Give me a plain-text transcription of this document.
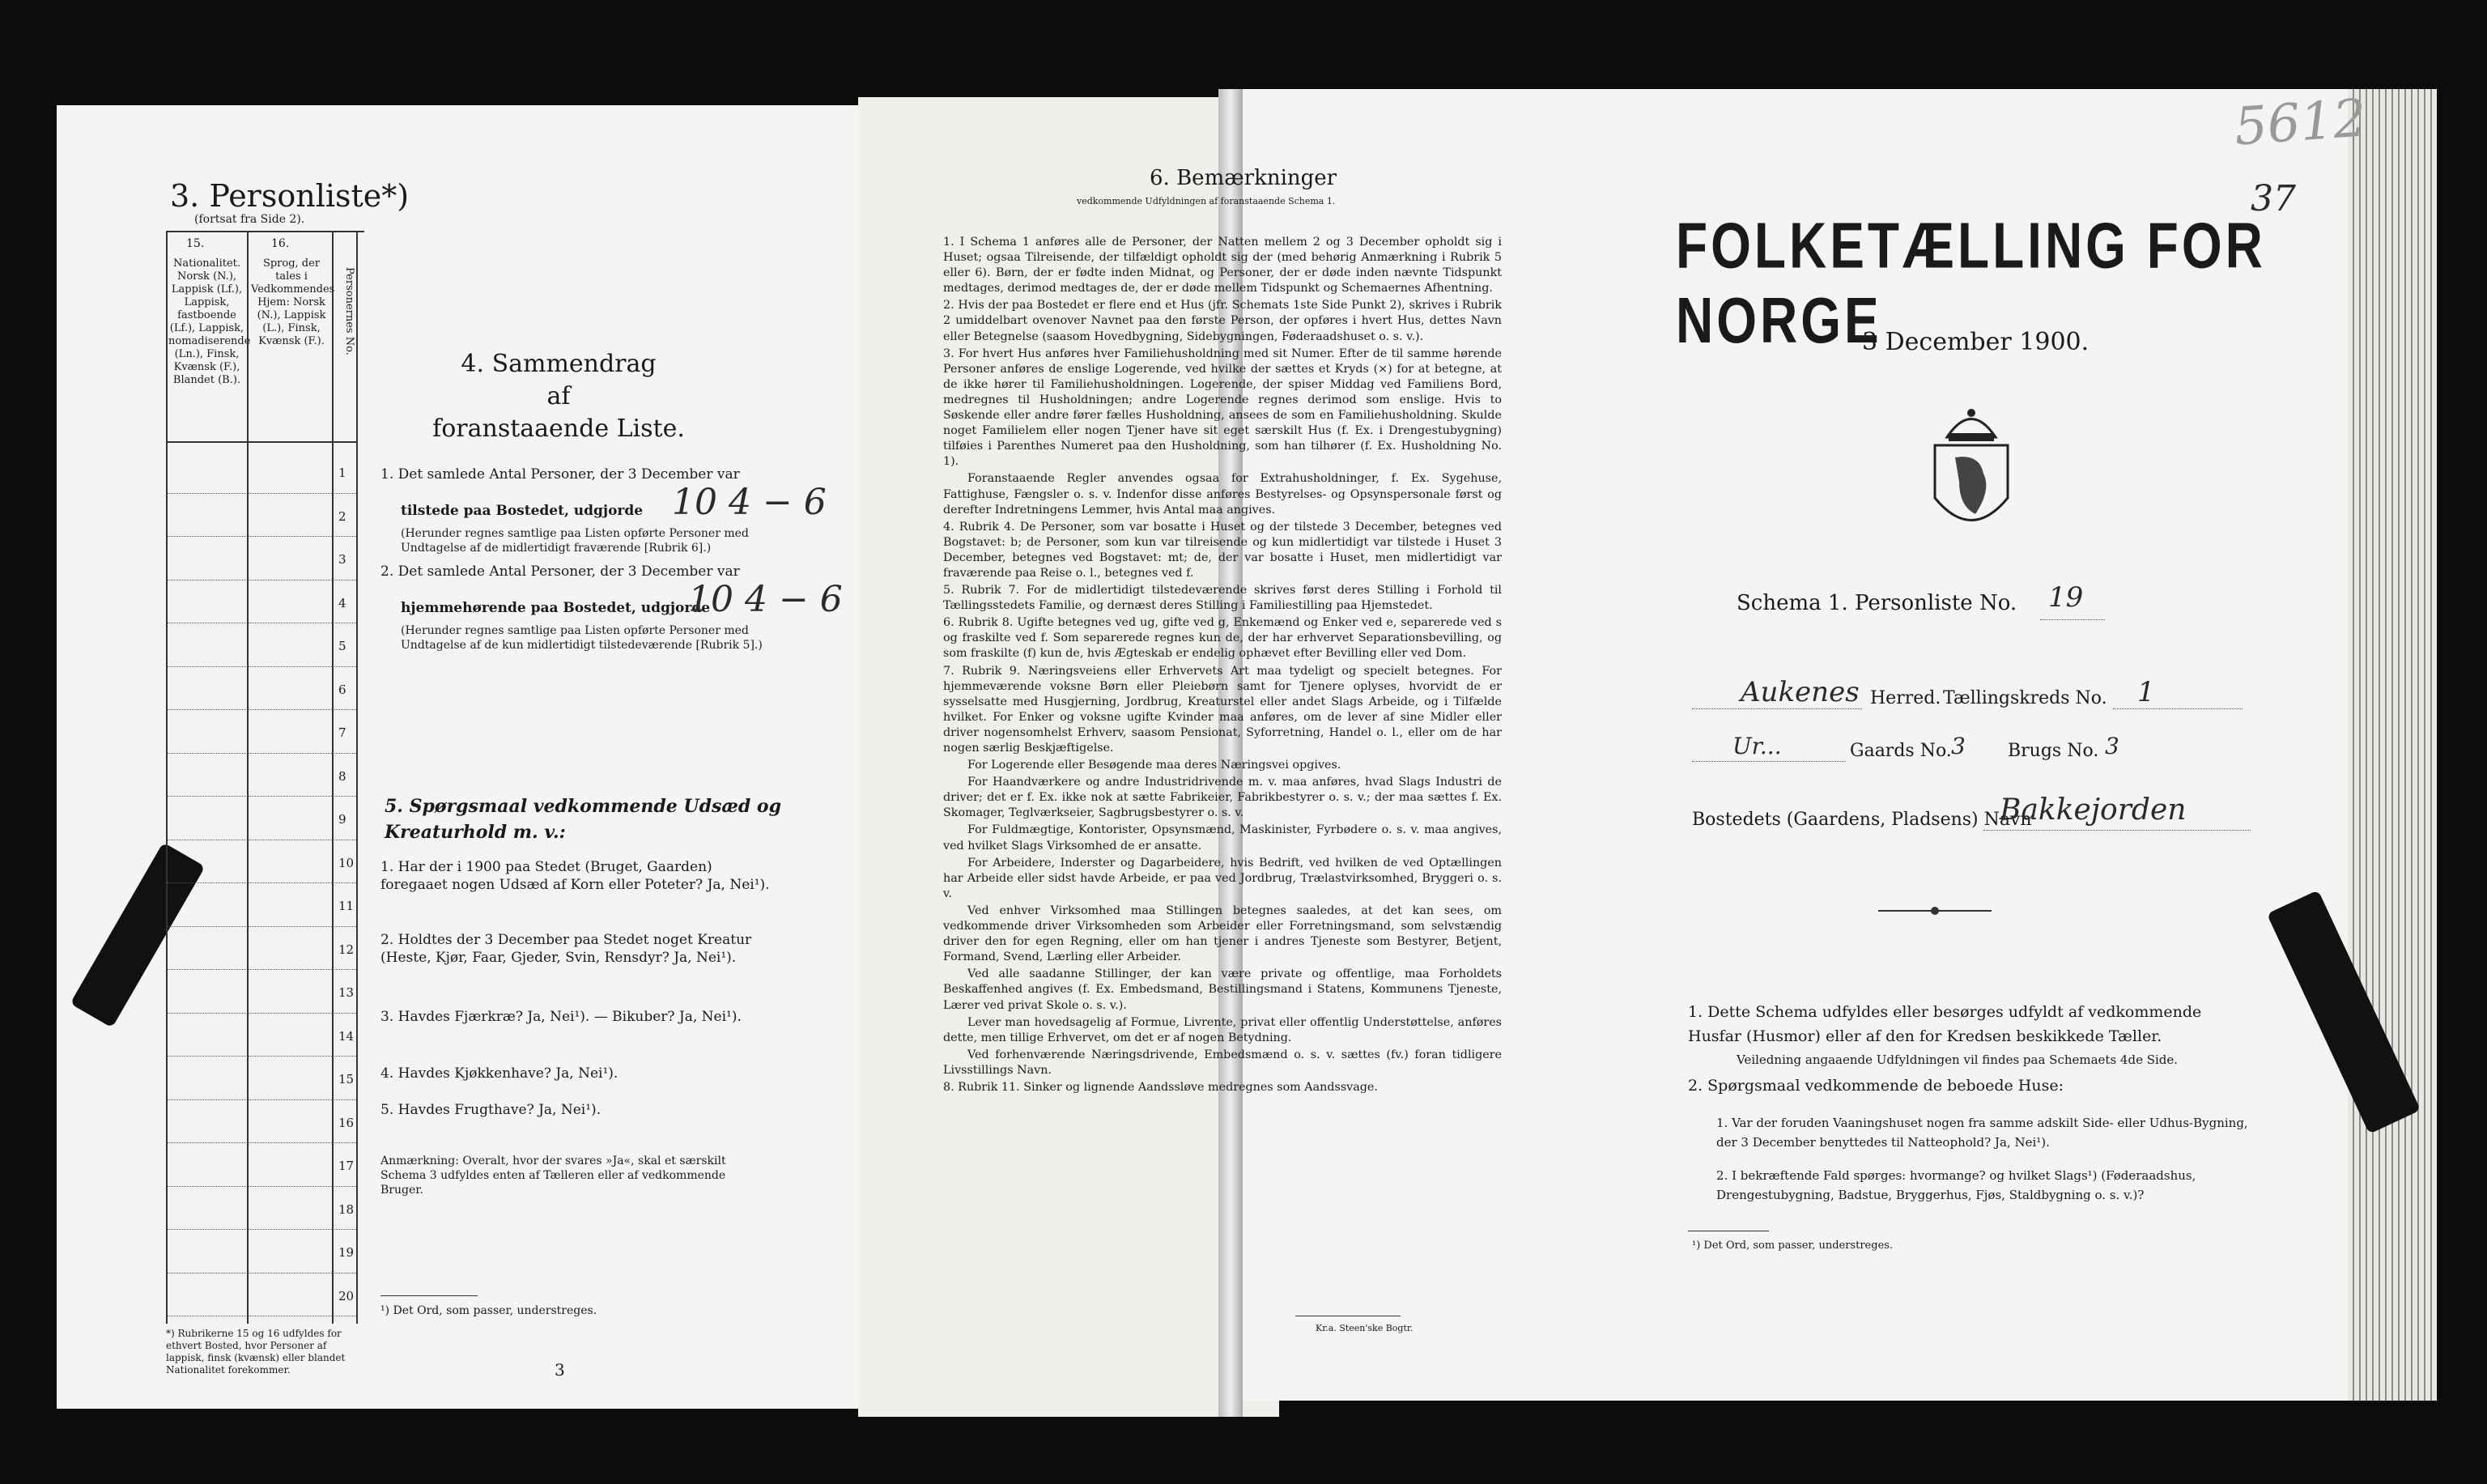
3. Personliste*)
(fortsat fra Side 2).
15.	16.
Nationalitet. Norsk (N.), Lappisk (Lf.), Lappisk, fastboende (Lf.), Lappisk, nomadiserende (Ln.), Finsk, Kvænsk (F.), Blandet (B.).
Sprog, der tales i Vedkommendes Hjem: Norsk (N.), Lappisk (L.), Finsk, Kvænsk (F.).	Personernes No.
1
2
3
4
5
6
7
8
9
10
11
12
13
14
15
16
17
18
19
20
*) Rubrikerne 15 og 16 udfyldes for ethvert Bosted, hvor Personer af lappisk, finsk (kvænsk) eller blandet Nationalitet forekommer.
4. Sammendrag
af
foranstaaende Liste.
1. Det samlede Antal Personer, der 3 December var
tilstede paa Bostedet, udgjorde 10 4 − 6
(Herunder regnes samtlige paa Listen opførte Personer med Undtagelse af de midlertidigt fraværende [Rubrik 6].)
2. Det samlede Antal Personer, der 3 December var
hjemmehørende paa Bostedet, udgjorde
10 4 − 6
(Herunder regnes samtlige paa Listen opførte Personer med Undtagelse af de kun midlertidigt tilstedeværende [Rubrik 5].)
5. Spørgsmaal vedkommende Udsæd og Kreaturhold m. v.:
1. Har der i 1900 paa Stedet (Bruget, Gaarden) foregaaet nogen Udsæd af Korn eller Poteter? Ja, Nei¹).
2. Holdtes der 3 December paa Stedet noget Kreatur (Heste, Kjør, Faar, Gjeder, Svin, Rensdyr? Ja, Nei¹).
3. Havdes Fjærkræ? Ja, Nei¹). — Bikuber? Ja, Nei¹).
4. Havdes Kjøkkenhave? Ja, Nei¹).
5. Havdes Frugthave? Ja, Nei¹).
Anmærkning: Overalt, hvor der svares »Ja«, skal et særskilt Schema 3 udfyldes enten af Tælleren eller af vedkommende Bruger.
¹) Det Ord, som passer, understreges.
3
6. Bemærkninger
vedkommende Udfyldningen af foranstaaende Schema 1.
1. I Schema 1 anføres alle de Personer, der Natten mellem 2 og 3 December opholdt sig i Huset; ogsaa Tilreisende, der tilfældigt opholdt sig der (med behørig Anmærkning i Rubrik 5 eller 6). Børn, der er fødte inden Midnat, og Personer, der er døde inden nævnte Tidspunkt medtages, derimod medtages de, der er døde mellem Tidspunkt og Schemaernes Afhentning.
2. Hvis der paa Bostedet er flere end et Hus (jfr. Schemats 1ste Side Punkt 2), skrives i Rubrik 2 umiddelbart ovenover Navnet paa den første Person, der opføres i hvert Hus, dettes Navn eller Betegnelse (saasom Hovedbygning, Sidebygningen, Føderaadshuset o. s. v.).
3. For hvert Hus anføres hver Familiehusholdning med sit Numer. Efter de til samme hørende Personer anføres de enslige Logerende, ved hvilke der sættes et Kryds (×) for at betegne, at de ikke hører til Familiehusholdningen. Logerende, der spiser Middag ved Familiens Bord, medregnes til Husholdningen; andre Logerende regnes derimod som enslige. Hvis to Søskende eller andre fører fælles Husholdning, ansees de som en Familiehusholdning. Skulde noget Familielem eller nogen Tjener have sit eget særskilt Hus (f. Ex. i Drengestubygning) tilføies i Parenthes Numeret paa den Husholdning, som han tilhører (f. Ex. Husholdning No. 1).
Foranstaaende Regler anvendes ogsaa for Extrahusholdninger, f. Ex. Sygehuse, Fattighuse, Fængsler o. s. v. Indenfor disse anføres Bestyrelses- og Opsynspersonale først og derefter Indretningens Lemmer, hvis Antal maa angives.
4. Rubrik 4. De Personer, som var bosatte i Huset og der tilstede 3 December, betegnes ved Bogstavet: b; de Personer, som kun var tilreisende og kun midlertidigt var tilstede i Huset 3 December, betegnes ved Bogstavet: mt; de, der var bosatte i Huset, men midlertidigt var fraværende paa Reise o. l., betegnes ved f.
5. Rubrik 7. For de midlertidigt tilstedeværende skrives først deres Stilling i Forhold til Tællingsstedets Familie, og dernæst deres Stilling i Familiestilling paa Hjemstedet.
6. Rubrik 8. Ugifte betegnes ved ug, gifte ved g, Enkemænd og Enker ved e, separerede ved s og fraskilte ved f. Som separerede regnes kun de, der har erhvervet Separationsbevilling, og som fraskilte (f) kun de, hvis Ægteskab er endelig ophævet efter Bevilling eller ved Dom.
7. Rubrik 9. Næringsveiens eller Erhvervets Art maa tydeligt og specielt betegnes. For hjemmeværende voksne Børn eller Pleiebørn samt for Tjenere oplyses, hvorvidt de er sysselsatte med Husgjerning, Jordbrug, Kreaturstel eller andet Slags Arbeide, og i Tilfælde hvilket. For Enker og voksne ugifte Kvinder maa anføres, om de lever af sine Midler eller driver nogensomhelst Erhverv, saasom Pensionat, Syforretning, Handel o. l., eller om de har nogen særlig Beskjæftigelse.
For Logerende eller Besøgende maa deres Næringsvei opgives.
For Haandværkere og andre Industridrivende m. v. maa anføres, hvad Slags Industri de driver; det er f. Ex. ikke nok at sætte Fabrikeier, Fabrikbestyrer o. s. v.; der maa sættes f. Ex. Skomager, Teglværkseier, Sagbrugsbestyrer o. s. v.
For Fuldmægtige, Kontorister, Opsynsmænd, Maskinister, Fyrbødere o. s. v. maa angives, ved hvilket Slags Virksomhed de er ansatte.
For Arbeidere, Inderster og Dagarbeidere, hvis Bedrift, ved hvilken de ved Optællingen har Arbeide eller sidst havde Arbeide, er paa ved Jordbrug, Trælastvirksomhed, Bryggeri o. s. v.
Ved enhver Virksomhed maa Stillingen betegnes saaledes, at det kan sees, om vedkommende driver Virksomheden som Arbeider eller Forretningsmand, som selvstændig driver den for egen Regning, eller om han tjener i andres Tjeneste som Bestyrer, Betjent, Formand, Svend, Lærling eller Arbeider.
Ved alle saadanne Stillinger, der kan være private og offentlige, maa Forholdets Beskaffenhed angives (f. Ex. Embedsmand, Bestillingsmand i Statens, Kommunens Tjeneste, Lærer ved privat Skole o. s. v.).
Lever man hovedsagelig af Formue, Livrente, privat eller offentlig Understøttelse, anføres dette, men tillige Erhvervet, om det er af nogen Betydning.
Ved forhenværende Næringsdrivende, Embedsmænd o. s. v. sættes (fv.) foran tidligere Livsstillings Navn.
8. Rubrik 11. Sinker og lignende Aandssløve medregnes som Aandssvage.
Kr.a. Steen'ske Bogtr.
5612
37
FOLKETÆLLING FOR NORGE
3 December 1900.
Schema 1. Personliste No. 19
Aukenes Herred. Tællingskreds No. 1
Ur...	Gaards No. 3 Brugs No. 3
Bostedets (Gaardens, Pladsens) Navn
Bakkejorden
1. Dette Schema udfyldes eller besørges udfyldt af vedkommende Husfar (Husmor) eller af den for Kredsen beskikkede Tæller.
Veiledning angaaende Udfyldningen vil findes paa Schemaets 4de Side.
2. Spørgsmaal vedkommende de beboede Huse:
1. Var der foruden Vaaningshuset nogen fra samme adskilt Side- eller Udhus-Bygning, der 3 December benyttedes til Natteophold? Ja, Nei¹).
2. I bekræftende Fald spørges: hvormange? og hvilket Slags¹) (Føderaadshus, Drengestubygning, Badstue, Bryggerhus, Fjøs, Staldbygning o. s. v.)?
¹) Det Ord, som passer, understreges.
